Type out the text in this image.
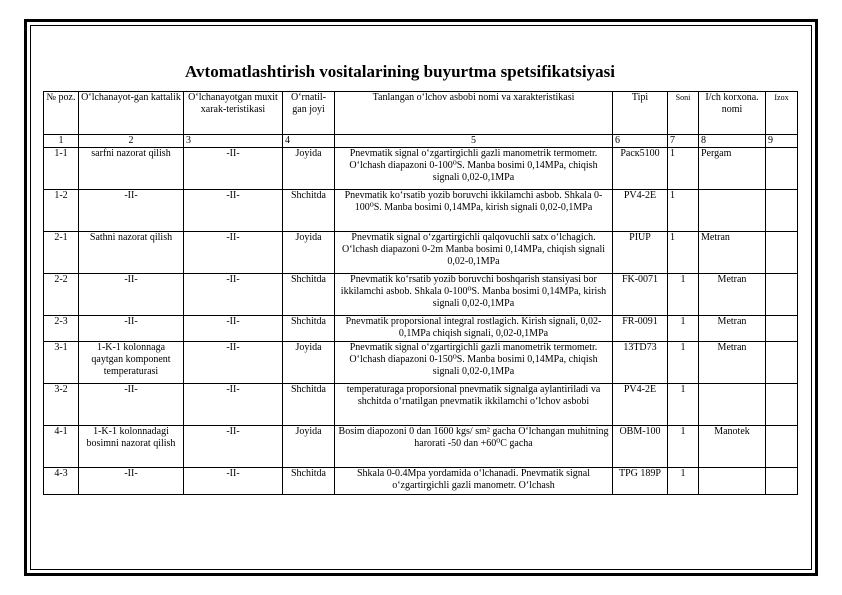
Avtomatlashtirish vositalarining buyurtma spetsifikatsiyasi
№ poz.	O‘lchanayot-gan kattalik	O‘lchanayotgan muxit xarak-teristikasi	O‘rnatil-gan joyi	Tanlangan o‘lchov asbobi nomi va xarakteristikasi	Tipi	Soni	I/ch korxona. nomi	Izox
1	2	3	4	5	6	7	8	9
1-1	sarfni nazorat qilish	-II-	Joyida	Pnevmatik signal o‘zgartirgichli gazli manometrik termometr. O‘lchash diapazoni 0-100⁰S. Manba bosimi 0,14MPa, chiqish signali 0,02-0,1MPa	Pacк5100	1	Pergam	
1-2	-II-	-II-	Shchitda	Pnevmatik ko‘rsatib yozib boruvchi ikkilamchi asbob. Shkala 0-100⁰S. Manba bosimi 0,14MPa, kirish signali 0,02-0,1MPa	PV4-2E	1		
2-1	Sathni nazorat qilish	-II-	Joyida	Pnevmatik signal o‘zgartirgichli qalqovuchli satx o‘lchagich. O‘lchash diapazoni 0-2m Manba bosimi 0,14MPa, chiqish signali 0,02-0,1MPa	PIUP	1	Metran	
2-2	-II-	-II-	Shchitda	Pnevmatik ko‘rsatib yozib boruvchi boshqarish stansiyasi bor ikkilamchi asbob. Shkala 0-100⁰S. Manba bosimi 0,14MPa, kirish signali 0,02-0,1MPa	FK-0071	1	Metran	
2-3	-II-	-II-	Shchitda	Pnevmatik proporsional integral rostlagich. Kirish signali, 0,02-0,1MPa chiqish signali, 0,02-0,1MPa	FR-0091	1	Metran	
3-1	1-K-1 kolonnaga qaytgan komponent temperaturasi	-II-	Joyida	Pnevmatik signal o‘zgartirgichli gazli manometrik termometr. O‘lchash diapazoni 0-150⁰S. Manba bosimi 0,14MPa, chiqish signali 0,02-0,1MPa	13TD73	1	Metran	
3-2	-II-	-II-	Shchitda	temperaturaga proporsional pnevmatik signalga aylantiriladi va shchitda o‘rnatilgan pnevmatik ikkilamchi o‘lchov asbobi	PV4-2E	1		
4-1	1-K-1 kolonnadagi bosimni nazorat qilish	-II-	Joyida	Bosim diapozoni 0 dan 1600 kgs/ sm² gacha O‘lchangan muhitning harorati -50 dan +60⁰C gacha	OBM-100	1	Manotek	
4-3	-II-	-II-	Shchitda	Shkala 0-0.4Mpa yordamida o‘lchanadi. Pnevmatik signal o‘zgartirgichli gazli manometr. O‘lchash	TPG 189P	1		
